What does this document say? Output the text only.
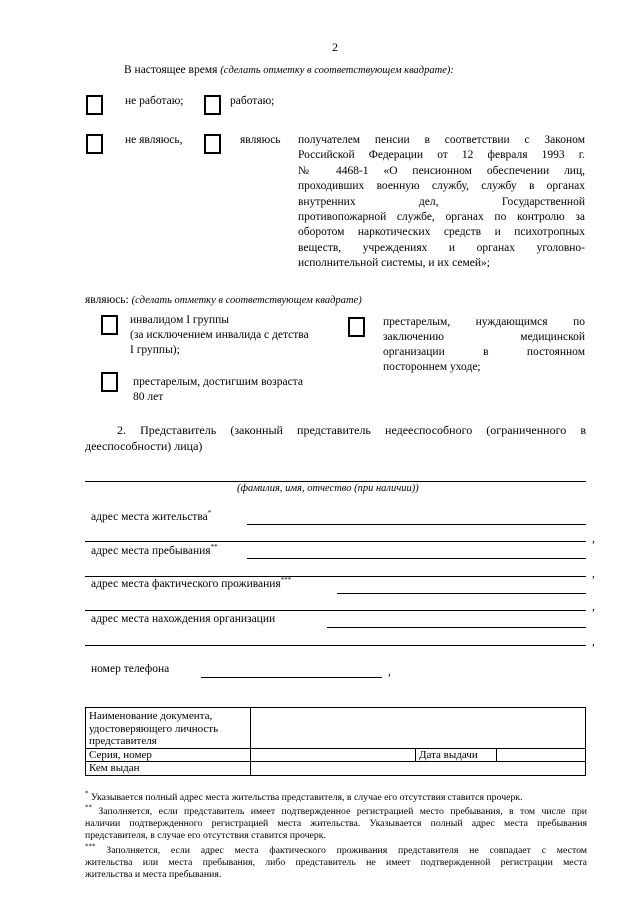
2
В настоящее время (сделать отметку в соответствующем квадрате):
не работаю;	работаю;
не являюсь,	являюсь получателем пенсии в соответствии с Законом
Российской Федерации от 12 февраля 1993 г.
№ 4468-1 «О пенсионном обеспечении лиц,
проходивших военную службу, службу в органах
внутренних дел, Государственной
противопожарной службе, органах по контролю за
оборотом наркотических средств и психотропных
веществ, учреждениях и органах уголовно-
исполнительной системы, и их семей»;
являюсь: (сделать отметку в соответствующем квадрате)
инвалидом I группы
(за исключением инвалида с детства
I группы);
престарелым, нуждающимся по
заключению медицинской
организации в постоянном
постороннем уходе;
престарелым, достигшим возраста
80 лет
2. Представитель (законный представитель недееспособного (ограниченного в
дееспособности) лица)
(фамилия, имя, отчество (при наличии))
адрес места жительства*
,
адрес места пребывания**
,
адрес места фактического проживания***
,
адрес места нахождения организации
,
номер телефона	,
Наименование документа,
удостоверяющего личность
представителя			

Серия, номер		Дата выдачи	
Кем выдан			
* Указывается полный адрес места жительства представителя, в случае его отсутствия ставится прочерк.
** Заполняется, если представитель имеет подтвержденное регистрацией место пребывания, в том числе при
наличии подтвержденного регистрацией места жительства. Указывается полный адрес места пребывания
представителя, в случае его отсутствия ставится прочерк.
*** Заполняется, если адрес места фактического проживания представителя не совпадает с местом
жительства или места пребывания, либо представитель не имеет подтвержденной регистрации места
жительства и места пребывания.
